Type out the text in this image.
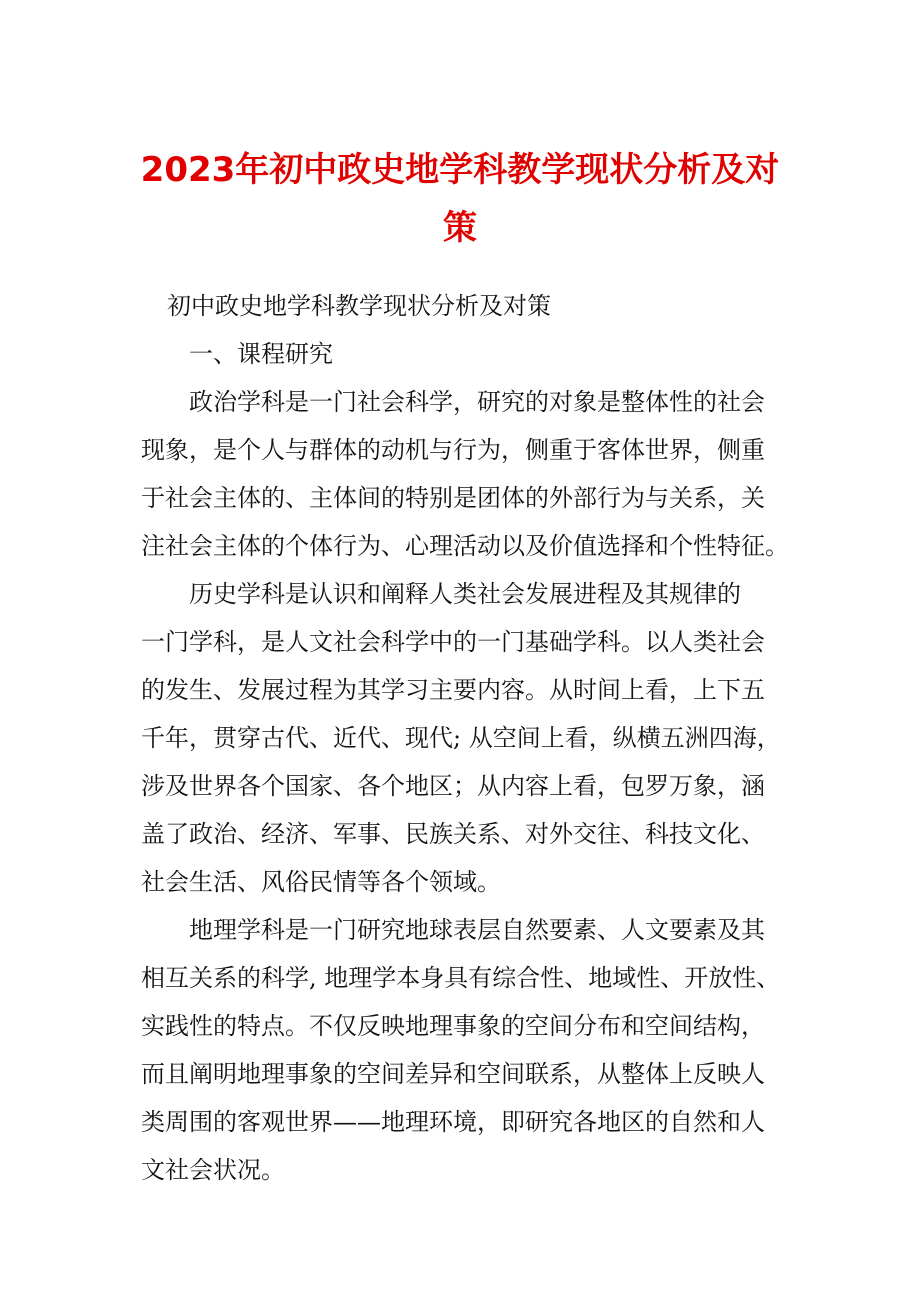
2023年初中政史地学科教学现状分析及对
策
初中政史地学科教学现状分析及对策
一、课程研究

政治学科是一门社会科学，研究的对象是整体性的社会
现象，是个人与群体的动机与行为，侧重于客体世界，侧重
于社会主体的、主体间的特别是团体的外部行为与关系，关
注社会主体的个体行为、心理活动以及价值选择和个性特征。

历史学科是认识和阐释人类社会发展进程及其规律的
一门学科，是人文社会科学中的一门基础学科。以人类社会
的发生、发展过程为其学习主要内容。从时间上看，上下五
千年，贯穿古代、近代、现代; 从空间上看，纵横五洲四海，
涉及世界各个国家、各个地区；从内容上看，包罗万象，涵
盖了政治、经济、军事、民族关系、对外交往、科技文化、
社会生活、风俗民情等各个领域。

地理学科是一门研究地球表层自然要素、人文要素及其
相互关系的科学, 地理学本身具有综合性、地域性、开放性、
实践性的特点。不仅反映地理事象的空间分布和空间结构，
而且阐明地理事象的空间差异和空间联系，从整体上反映人
类周围的客观世界——地理环境，即研究各地区的自然和人
文社会状况。
